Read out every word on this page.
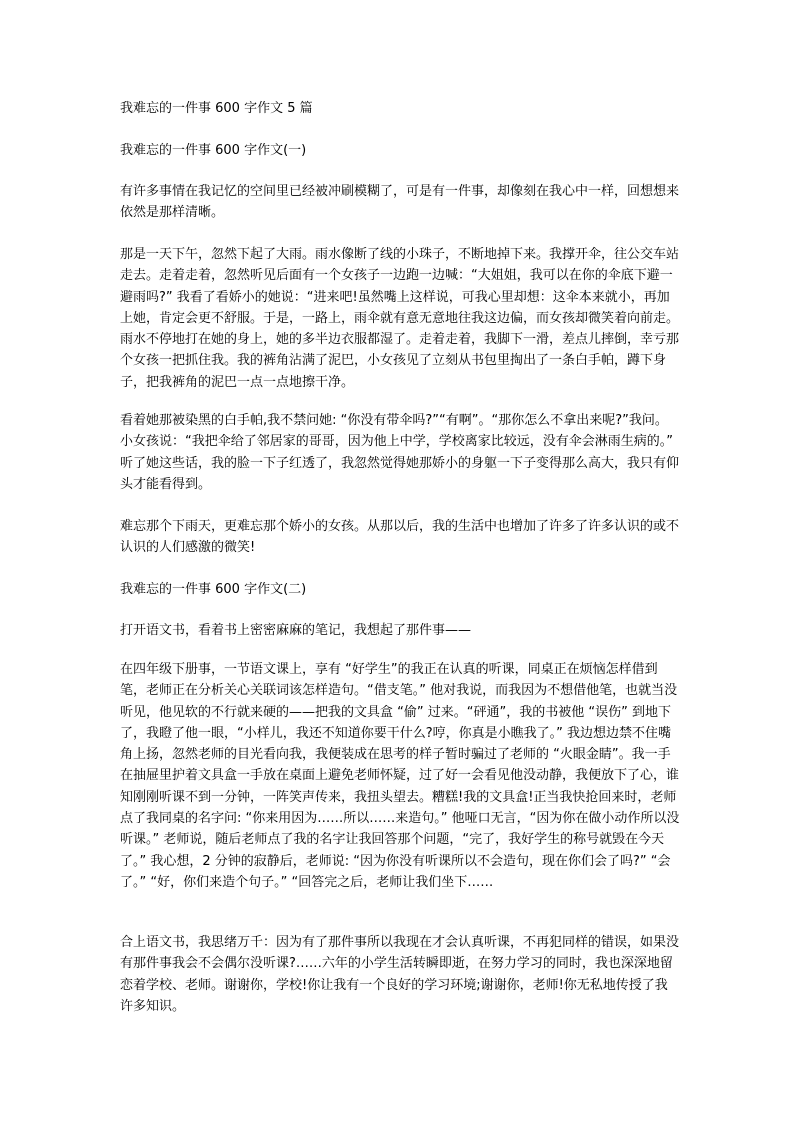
我难忘的一件事 600 字作文 5 篇

我难忘的一件事 600 字作文(一)

有许多事情在我记忆的空间里已经被冲刷模糊了，可是有一件事，却像刻在我心中一样，回想想来依然是那样清晰。

那是一天下午，忽然下起了大雨。雨水像断了线的小珠子，不断地掉下来。我撑开伞，往公交车站走去。走着走着，忽然听见后面有一个女孩子一边跑一边喊：“大姐姐，我可以在你的伞底下避一避雨吗?” 我看了看娇小的她说：“进来吧!虽然嘴上这样说，可我心里却想：这伞本来就小，再加上她，肯定会更不舒服。于是，一路上，雨伞就有意无意地往我这边偏，而女孩却微笑着向前走。雨水不停地打在她的身上，她的多半边衣服都湿了。走着走着，我脚下一滑，差点儿摔倒，幸亏那个女孩一把抓住我。我的裤角沾满了泥巴，小女孩见了立刻从书包里掏出了一条白手帕，蹲下身子，把我裤角的泥巴一点一点地擦干净。

看着她那被染黑的白手帕,我不禁问她: “你没有带伞吗?”“有啊”。“那你怎么不拿出来呢?”我问。小女孩说：“我把伞给了邻居家的哥哥，因为他上中学，学校离家比较远，没有伞会淋雨生病的。” 听了她这些话，我的脸一下子红透了，我忽然觉得她那娇小的身躯一下子变得那么高大，我只有仰头才能看得到。

难忘那个下雨天，更难忘那个娇小的女孩。从那以后，我的生活中也增加了许多了许多认识的或不认识的人们感激的微笑!

我难忘的一件事 600 字作文(二)

打开语文书，看着书上密密麻麻的笔记，我想起了那件事——

在四年级下册事，一节语文课上，享有 “好学生”的我正在认真的听课，同桌正在烦恼怎样借到笔，老师正在分析关心关联词该怎样造句。“借支笔。” 他对我说，而我因为不想借他笔，也就当没听见，他见软的不行就来硬的——把我的文具盒 “偷” 过来。“砰通”，我的书被他 “误伤” 到地下了，我瞪了他一眼，“小样儿，我还不知道你要干什么?哼，你真是小瞧我了。” 我边想边禁不住嘴角上扬，忽然老师的目光看向我，我便装成在思考的样子暂时骗过了老师的 “火眼金睛”。我一手在抽屉里护着文具盒一手放在桌面上避免老师怀疑，过了好一会看见他没动静，我便放下了心，谁知刚刚听课不到一分钟，一阵笑声传来，我扭头望去。糟糕!我的文具盒!正当我快抢回来时，老师点了我同桌的名字问: “你来用因为……所以……来造句。” 他哑口无言，“因为你在做小动作所以没听课。” 老师说，随后老师点了我的名字让我回答那个问题，“完了，我好学生的称号就毁在今天了。” 我心想，2 分钟的寂静后，老师说: “因为你没有听课所以不会造句，现在你们会了吗?” “会了。” “好，你们来造个句子。” “回答完之后，老师让我们坐下……

合上语文书，我思绪万千：因为有了那件事所以我现在才会认真听课，不再犯同样的错误，如果没有那件事我会不会偶尔没听课?……六年的小学生活转瞬即逝，在努力学习的同时，我也深深地留恋着学校、老师。谢谢你，学校!你让我有一个良好的学习环境;谢谢你，老师!你无私地传授了我许多知识。
